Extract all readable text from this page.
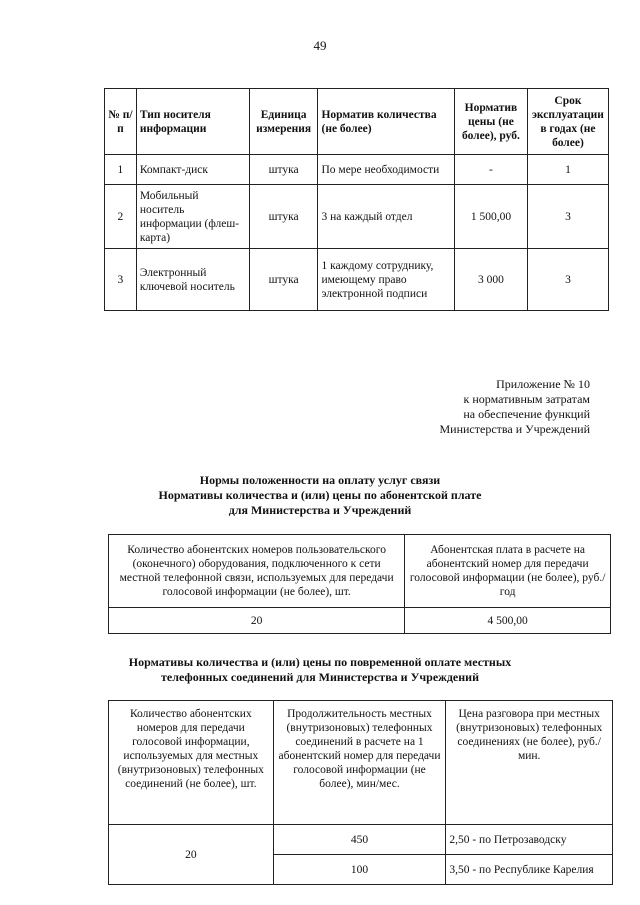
49
№ п/п	Тип носителя информации	Единица измерения	Норматив количества (не более)	Норматив цены (не более), руб.	Срок эксплуатации в годах (не более)
1	Компакт-диск	штука	По мере необходимости	-	1
2	Мобильный носитель информации (флеш-карта)	штука	3 на каждый отдел	1 500,00	3
3	Электронный ключевой носитель	штука	1 каждому сотруднику, имеющему право электронной подписи	3 000	3
Приложение № 10
к нормативным затратам
на обеспечение функций
Министерства и Учреждений
Нормы положенности на оплату услуг связи
Нормативы количества и (или) цены по абонентской плате
для Министерства и Учреждений
Количество абонентских номеров пользовательского (оконечного) оборудования, подключенного к сети местной телефонной связи, используемых для передачи голосовой информации (не более), шт.	Абонентская плата в расчете на абонентский номер для передачи голосовой информации (не более), руб./год
20	4 500,00
Нормативы количества и (или) цены по повременной оплате местных
телефонных соединений для Министерства и Учреждений
Количество абонентских номеров для передачи голосовой информации, используемых для местных (внутризоновых) телефонных соединений (не более), шт.	Продолжительность местных (внутризоновых) телефонных соединений в расчете на 1 абонентский номер для передачи голосовой информации (не более), мин/мес.	Цена разговора при местных (внутризоновых) телефонных соединениях (не более), руб./мин.
20	450	2,50 - по Петрозаводску
	100	3,50 - по Республике Карелия
